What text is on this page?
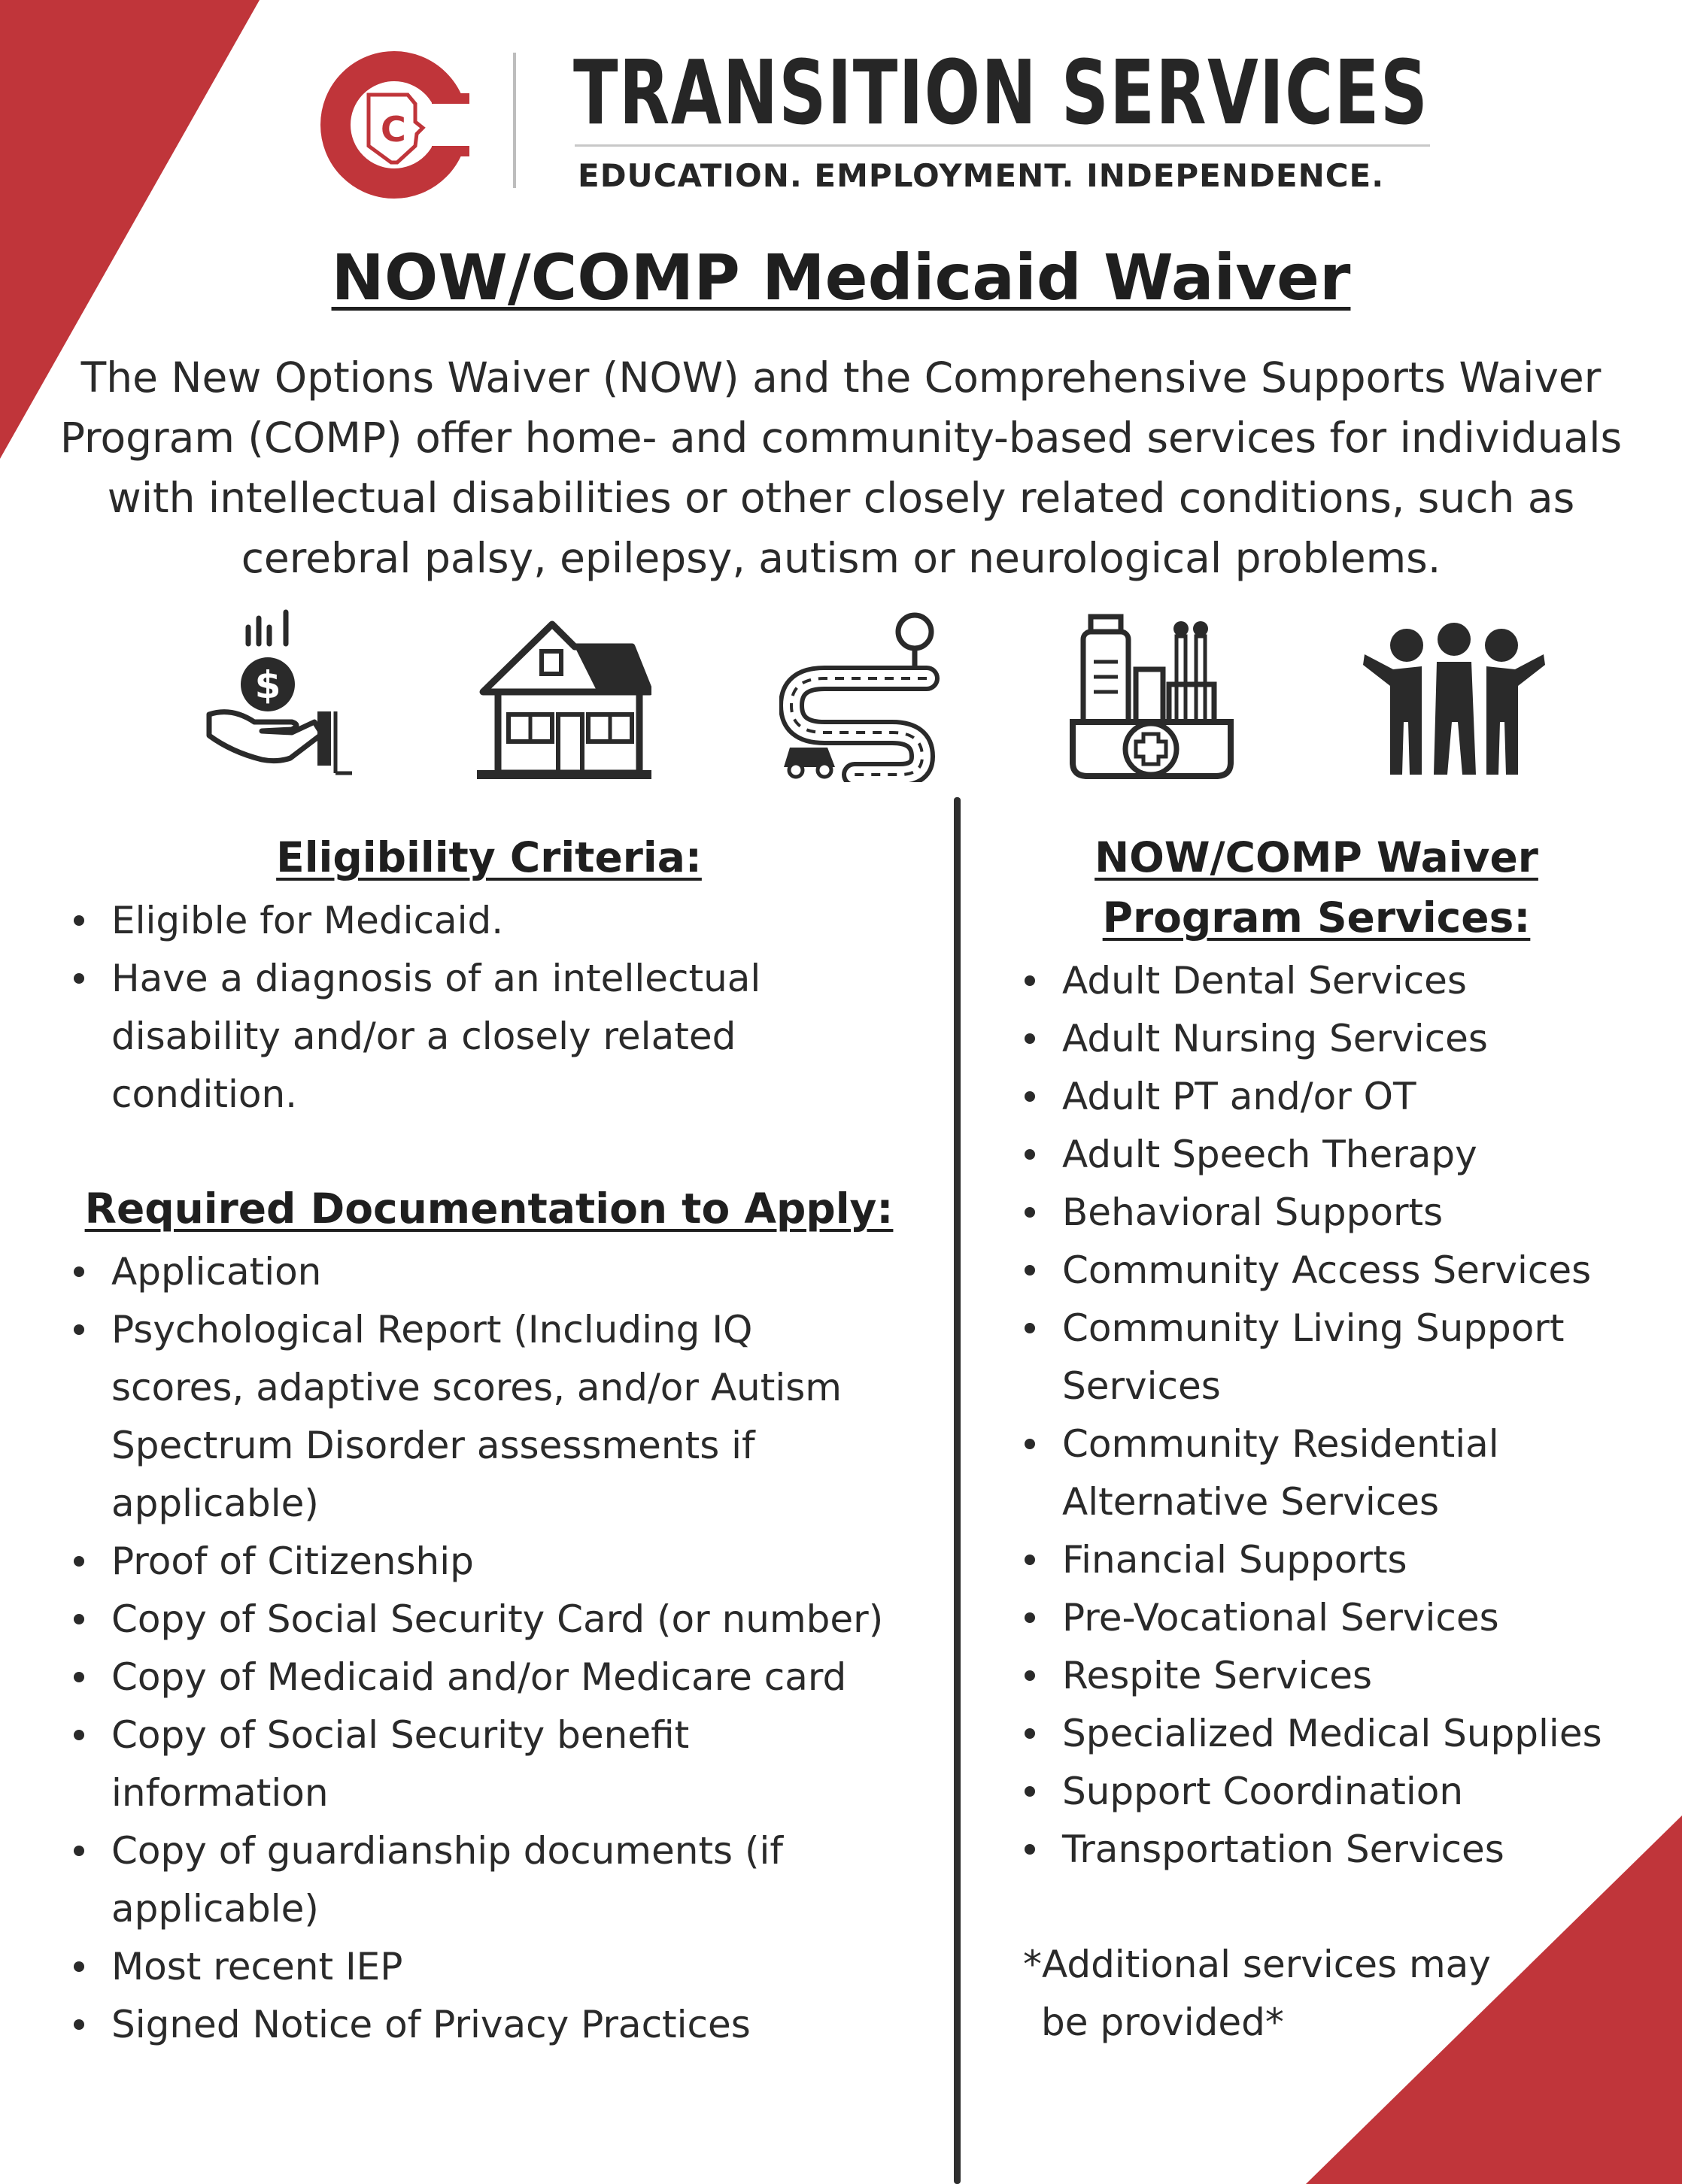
C TRANSITION SERVICES
EDUCATION. EMPLOYMENT. INDEPENDENCE.
NOW/COMP Medicaid Waiver
The New Options Waiver (NOW) and the Comprehensive Supports Waiver
Program (COMP) offer home- and community-based services for individuals
with intellectual disabilities or other closely related conditions, such as
cerebral palsy, epilepsy, autism or neurological problems.
$
Eligibility Criteria:
Eligible for Medicaid.
Have a diagnosis of an intellectual
disability and/or a closely related
condition.
Required Documentation to Apply:
Application
Psychological Report (Including IQ
scores, adaptive scores, and/or Autism
Spectrum Disorder assessments if
applicable)
Proof of Citizenship
Copy of Social Security Card (or number)
Copy of Medicaid and/or Medicare card
Copy of Social Security benefit
information
Copy of guardianship documents (if
applicable)
Most recent IEP
Signed Notice of Privacy Practices
NOW/COMP Waiver
Program Services:
Adult Dental Services
Adult Nursing Services
Adult PT and/or OT
Adult Speech Therapy
Behavioral Supports
Community Access Services
Community Living Support
Services
Community Residential
Alternative Services
Financial Supports
Pre-Vocational Services
Respite Services
Specialized Medical Supplies
Support Coordination
Transportation Services
*Additional services may
be provided*
